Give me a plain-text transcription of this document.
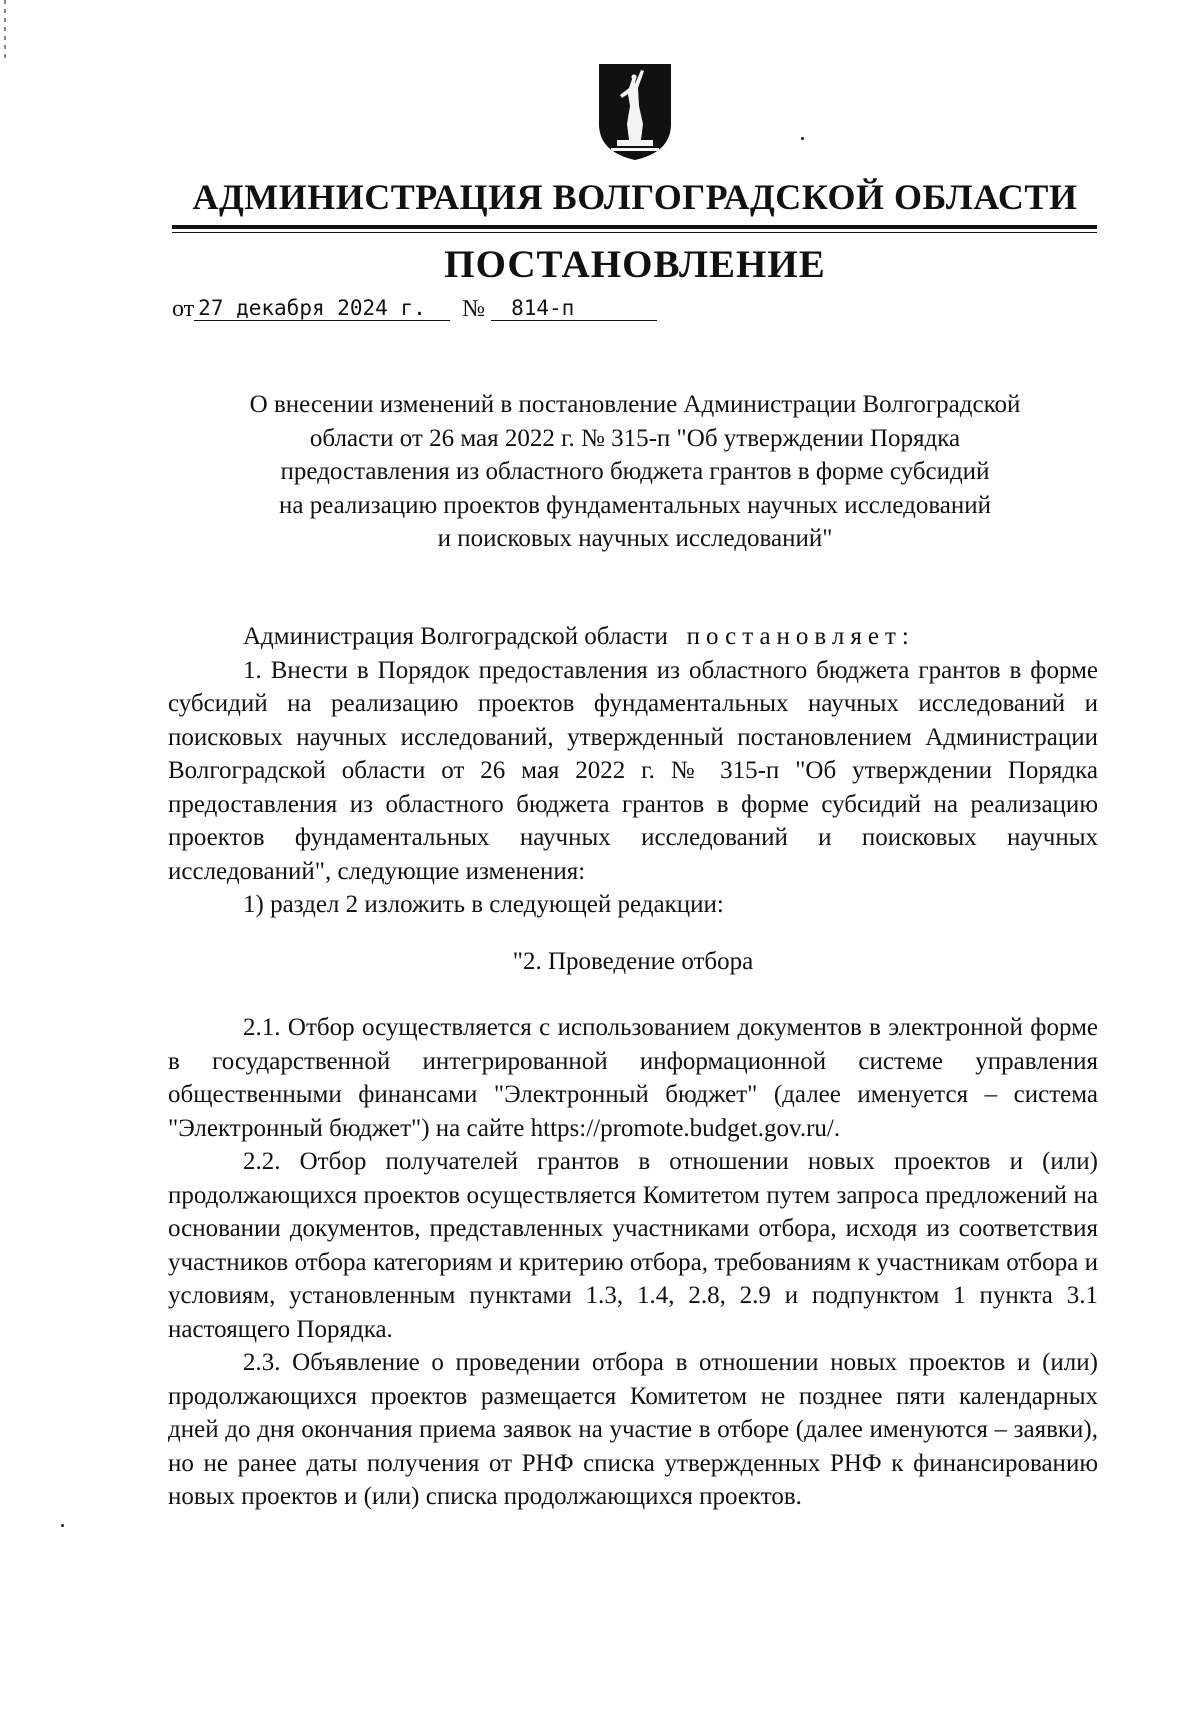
АДМИНИСТРАЦИЯ ВОЛГОГРАДСКОЙ ОБЛАСТИ
ПОСТАНОВЛЕНИЕ
от 27 декабря 2024 г. № 814-п
О внесении изменений в постановление Администрации Волгоградской
области от 26 мая 2022 г. № 315-п "Об утверждении Порядка
предоставления из областного бюджета грантов в форме субсидий
на реализацию проектов фундаментальных научных исследований
и поисковых научных исследований"

Администрация Волгоградской области постановляет:

1. Внести в Порядок предоставления из областного бюджета грантов в форме субсидий на реализацию проектов фундаментальных научных исследований и поисковых научных исследований, утвержденный постановлением Администрации Волгоградской области от 26 мая 2022 г. № 315-п "Об утверждении Порядка предоставления из областного бюджета грантов в форме субсидий на реализацию проектов фундаментальных научных исследований и поисковых научных исследований", следующие изменения:

1) раздел 2 изложить в следующей редакции:

"2. Проведение отбора

2.1. Отбор осуществляется с использованием документов в электронной форме в государственной интегрированной информационной системе управления общественными финансами "Электронный бюджет" (далее именуется – система "Электронный бюджет") на сайте https://promote.budget.gov.ru/.

2.2. Отбор получателей грантов в отношении новых проектов и (или) продолжающихся проектов осуществляется Комитетом путем запроса предложений на основании документов, представленных участниками отбора, исходя из соответствия участников отбора категориям и критерию отбора, требованиям к участникам отбора и условиям, установленным пунктами 1.3, 1.4, 2.8, 2.9 и подпунктом 1 пункта 3.1 настоящего Порядка.

2.3. Объявление о проведении отбора в отношении новых проектов и (или) продолжающихся проектов размещается Комитетом не позднее пяти календарных дней до дня окончания приема заявок на участие в отборе (далее именуются – заявки), но не ранее даты получения от РНФ списка утвержденных РНФ к финансированию новых проектов и (или) списка продолжающихся проектов.
